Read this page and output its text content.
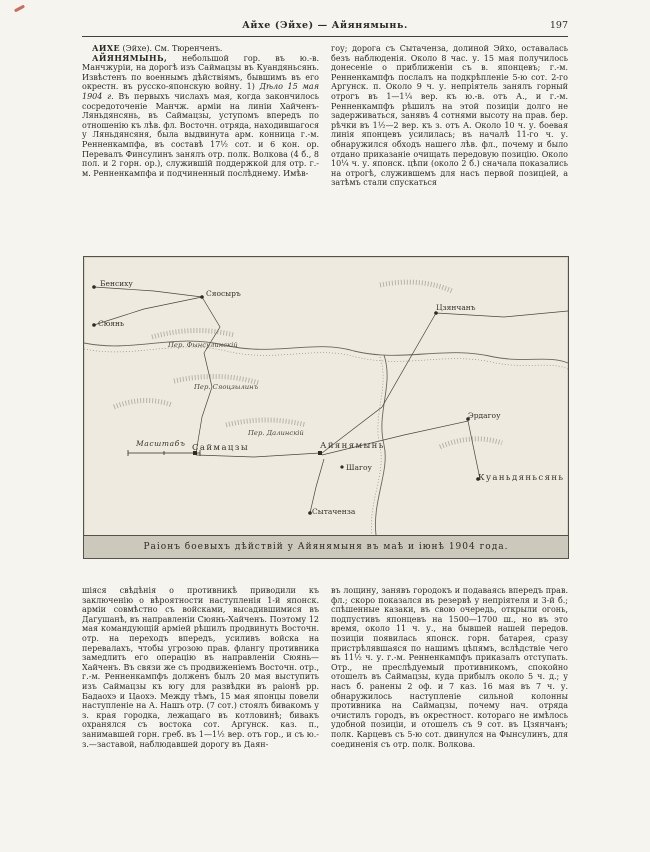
Айхе (Эйхе) — Айянямынь.	197

АЙХЕ (Эйхе). См. Тюренченъ.

АЙЯНЯМЫНЬ, небольшой гор. въ ю.-в. Манчжуріи, на дорогѣ изъ Саймацзы въ Куандяньсянь. Извѣстенъ по военнымъ дѣйствіямъ, бывшимъ въ его окрестн. въ русско-японскую войну. 1) Дѣло 15 мая 1904 г. Въ первыхъ числахъ мая, когда закончилось сосредоточеніе Манчж. арміи на линіи Хайченъ-Ляньдянсянь, въ Саймацзы, уступомъ впередъ по отношенію къ лѣв. фл. Восточн. отряда, находившагося у Ляньдянсяня, была выдвинута арм. конница г.-м. Ренненкампфа, въ составѣ 17½ сот. и 6 кон. ор. Перевалъ Финсулинъ занялъ отр. полк. Волкова (4 б., 8 пол. и 2 горн. ор.), служившій поддержкой для отр. г.-м. Ренненкампфа и подчиненный послѣднему. Имѣв-

гоу; дорога съ Сытаченза, долиной Эйхо, оставалась безъ наблюденія. Около 8 час. у. 15 мая получилось донесеніе о приближеніи съ в. японцевъ; г.-м. Ренненкампфъ послалъ на подкрѣпленіе 5-ю сот. 2-го Аргунск. п. Около 9 ч. у. непріятель занялъ горный отрогъ въ 1—1¼ вер. къ ю.-в. отъ А., и г.-м. Ренненкампфъ рѣшилъ на этой позиціи долго не задерживаться, занявъ 4 сотнями высоту на прав. бер. рѣчки въ 1½—2 вер. къ з. отъ А. Около 10 ч. у. боевая линія японцевъ усилилась; въ началѣ 11-го ч. у. обнаружился обходъ нашего лѣв. фл., почему и было отдано приказаніе очищать передовую позицію. Около 10¼ ч. у. японск. цѣпи (около 2 б.) сначала показались на отрогѣ, служившемъ для насъ первой позиціей, а затѣмъ стали спускаться

Бенсиху
Сяосыръ
Цзянчанъ
Сюянь
Пер. Фынсулинскій
Пер. Сяоцзылинъ
Пер. Далинскій
Саймацзы	Айянямынь
Шагоу
Эрдагоу
Куаньдяньсянь
Сытаченза
Масштабъ
Раіонъ боевыхъ дѣйствій у Айянямыня въ маѣ и іюнѣ 1904 года.

шіяся свѣдѣнія о противникѣ приводили къ заключенію о вѣроятности наступленія 1-й японск. арміи совмѣстно съ войсками, высадившимися въ Дагушанѣ, въ направленіи Сюянь-Хайченъ. Поэтому 12 мая командующій арміей рѣшилъ продвинуть Восточн. отр. на переходъ впередъ, усиливъ войска на перевалахъ, чтобы угрозою прав. флангу противника замедлить его операцію въ направленіи Сюянь—Хайченъ. Въ связи же съ продвиженіемъ Восточн. отр., г.-м. Ренненкампфъ долженъ былъ 20 мая выступить изъ Саймацзы къ югу для развѣдки въ раіонѣ рр. Бадаохэ и Цаохэ. Между тѣмъ, 15 мая японцы повели наступленіе на А. Нашъ отр. (7 сот.) стоялъ бивакомъ у з. края городка, лежащаго въ котловинѣ; бивакъ охранялся съ востока сот. Аргунск. каз. п., занимавшей горн. греб. въ 1—1½ вер. отъ гор., и съ ю.-з.—заставой, наблюдавшей дорогу въ Даян-

въ лощину, занявъ городокъ и подаваясь впередъ прав. фл.; скоро показался въ резервѣ у непріятеля и 3-й б.; спѣшенные казаки, въ свою очередь, открыли огонь, подпустивъ японцевъ на 1500—1700 ш., но въ это время, около 11 ч. у., на бывшей нашей передов. позиціи появилась японск. горн. батарея, сразу пристрѣлявшаяся по нашимъ цѣпямъ, вслѣдствіе чего въ 11½ ч. у. г.-м. Ренненкампфъ приказалъ отступать. Отр., не преслѣдуемый противникомъ, спокойно отошелъ въ Саймацзы, куда прибылъ около 5 ч. д.; у насъ б. ранены 2 оф. и 7 каз. 16 мая въ 7 ч. у. обнаружилось наступленіе сильной колонны противника на Саймацзы, почему нач. отряда очистилъ городъ, въ окрестност. котораго не имѣлось удобной позиціи, и отошелъ съ 9 сот. въ Цзянчанъ; полк. Карцевъ съ 5-ю сот. двинулся на Фынсулинъ, для соединенія съ отр. полк. Волкова.
